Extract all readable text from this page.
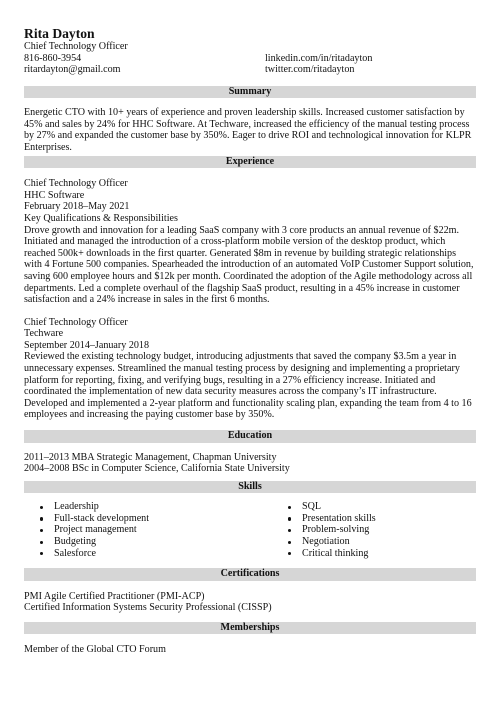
Rita Dayton
Chief Technology Officer
816-860-3954	linkedin.com/in/ritadayton
ritardayton@gmail.com	twitter.com/ritadayton
Summary

Energetic CTO with 10+ years of experience and proven leadership skills. Increased customer satisfaction by 45% and sales by 24% for HHC Software. At Techware, increased the efficiency of the manual testing process by 27% and expanded the customer base by 350%. Eager to drive ROI and technological innovation for KLPR Enterprises.

Experience
Chief Technology Officer
HHC Software
February 2018–May 2021
Key Qualifications & Responsibilities

Drove growth and innovation for a leading SaaS company with 3 core products an annual revenue of $22m. Initiated and managed the introduction of a cross-platform mobile version of the desktop product, which reached 500k+ downloads in the first quarter. Generated $8m in revenue by building strategic relationships with 4 Fortune 500 companies. Spearheaded the introduction of an automated VoIP Customer Support solution, saving 600 employee hours and $12k per month. Coordinated the adoption of the Agile methodology across all departments. Led a complete overhaul of the flagship SaaS product, resulting in a 45% increase in customer satisfaction and a 24% increase in sales in the first 6 months.

Chief Technology Officer
Techware
September 2014–January 2018

Reviewed the existing technology budget, introducing adjustments that saved the company $3.5m a year in unnecessary expenses. Streamlined the manual testing process by designing and implementing a proprietary platform for reporting, fixing, and verifying bugs, resulting in a 27% efficiency increase. Initiated and coordinated the implementation of new data security measures across the company’s IT infrastructure. Developed and implemented a 2-year platform and functionality scaling plan, expanding the team from 4 to 16 employees and increasing the paying customer base by 350%.

Education
2011–2013 MBA Strategic Management, Chapman University
2004–2008 BSc in Computer Science, California State University
Skills
Leadership
Full-stack development
Project management
Budgeting
Salesforce
SQL
Presentation skills
Problem-solving
Negotiation
Critical thinking
Certifications
PMI Agile Certified Practitioner (PMI-ACP)
Certified Information Systems Security Professional (CISSP)
Memberships
Member of the Global CTO Forum
